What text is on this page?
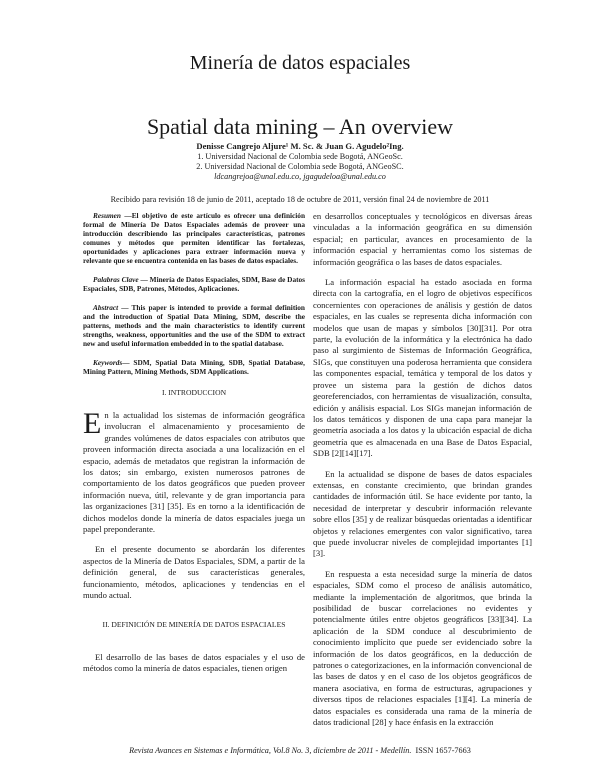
Minería de datos espaciales
Spatial data mining – An overview
Denisse Cangrejo Aljure¹ M. Sc. & Juan G. Agudelo²Ing.
1. Universidad Nacional de Colombia sede Bogotá, ANGeoSc.
2. Universidad Nacional de Colombia sede Bogotá, ANGeoSC.
ldcangrejoa@unal.edu.co, jgagudeloa@unal.edu.co
Recibido para revisión 18 de junio de 2011, aceptado 18 de octubre de 2011, versión final 24 de noviembre de 2011

Resumen —El objetivo de este artículo es ofrecer una definición formal de Minería De Datos Espaciales además de proveer una introducción describiendo las principales características, patrones comunes y métodos que permiten identificar las fortalezas, oportunidades y aplicaciones para extraer información nueva y relevante que se encuentra contenida en las bases de datos espaciales.

Palabras Clave — Minería de Datos Espaciales, SDM, Base de Datos Espaciales, SDB, Patrones, Métodos, Aplicaciones.

Abstract — This paper is intended to provide a formal definition and the introduction of Spatial Data Mining, SDM, describe the patterns, methods and the main characteristics to identify current strengths, weakness, opportunities and the use of the SDM to extract new and useful information embedded in to the spatial database.

Keywords— SDM, Spatial Data Mining, SDB, Spatial Database, Mining Pattern, Mining Methods, SDM Applications.

I. INTRODUCCION

En la actualidad los sistemas de información geográfica involucran el almacenamiento y procesamiento de grandes volúmenes de datos espaciales con atributos que proveen información directa asociada a una localización en el espacio, además de metadatos que registran la información de los datos; sin embargo, existen numerosos patrones de comportamiento de los datos geográficos que pueden proveer información nueva, útil, relevante y de gran importancia para las organizaciones [31] [35]. Es en torno a la identificación de dichos modelos donde la minería de datos espaciales juega un papel preponderante.

En el presente documento se abordarán los diferentes aspectos de la Minería de Datos Espaciales, SDM, a partir de la definición general, de sus características generales, funcionamiento, métodos, aplicaciones y tendencias en el mundo actual.

II. DEFINICIÓN DE MINERÍA DE DATOS ESPACIALES

El desarrollo de las bases de datos espaciales y el uso de métodos como la minería de datos espaciales, tienen origen

en desarrollos conceptuales y tecnológicos en diversas áreas vinculadas a la información geográfica en su dimensión espacial; en particular, avances en procesamiento de la información espacial y herramientas como los sistemas de información geográfica o las bases de datos espaciales.

La información espacial ha estado asociada en forma directa con la cartografía, en el logro de objetivos específicos concernientes con operaciones de análisis y gestión de datos espaciales, en las cuales se representa dicha información con modelos que usan de mapas y símbolos [30][31]. Por otra parte, la evolución de la informática y la electrónica ha dado paso al surgimiento de Sistemas de Información Geográfica, SIGs, que constituyen una poderosa herramienta que considera las componentes espacial, temática y temporal de los datos y provee un sistema para la gestión de dichos datos georeferenciados, con herramientas de visualización, consulta, edición y análisis espacial. Los SIGs manejan información de los datos temáticos y disponen de una capa para manejar la geometría asociada a los datos y la ubicación espacial de dicha geometría que es almacenada en una Base de Datos Espacial, SDB [2][14][17].

En la actualidad se dispone de bases de datos espaciales extensas, en constante crecimiento, que brindan grandes cantidades de información útil. Se hace evidente por tanto, la necesidad de interpretar y descubrir información relevante sobre ellos [35] y de realizar búsquedas orientadas a identificar objetos y relaciones emergentes con valor significativo, tarea que puede involucrar niveles de complejidad importantes [1][3].

En respuesta a esta necesidad surge la minería de datos espaciales, SDM como el proceso de análisis automático, mediante la implementación de algoritmos, que brinda la posibilidad de buscar correlaciones no evidentes y potencialmente útiles entre objetos geográficos [33][34]. La aplicación de la SDM conduce al descubrimiento de conocimiento implícito que puede ser evidenciado sobre la información de los datos geográficos, en la deducción de patrones o categorizaciones, en la información convencional de las bases de datos y en el caso de los objetos geográficos de manera asociativa, en forma de estructuras, agrupaciones y diversos tipos de relaciones espaciales [1][4]. La minería de datos espaciales es considerada una rama de la minería de datos tradicional [28] y hace énfasis en la extracción

Revista Avances en Sistemas e Informática, Vol.8 No. 3, diciembre de 2011 - Medellín. ISSN 1657-7663
